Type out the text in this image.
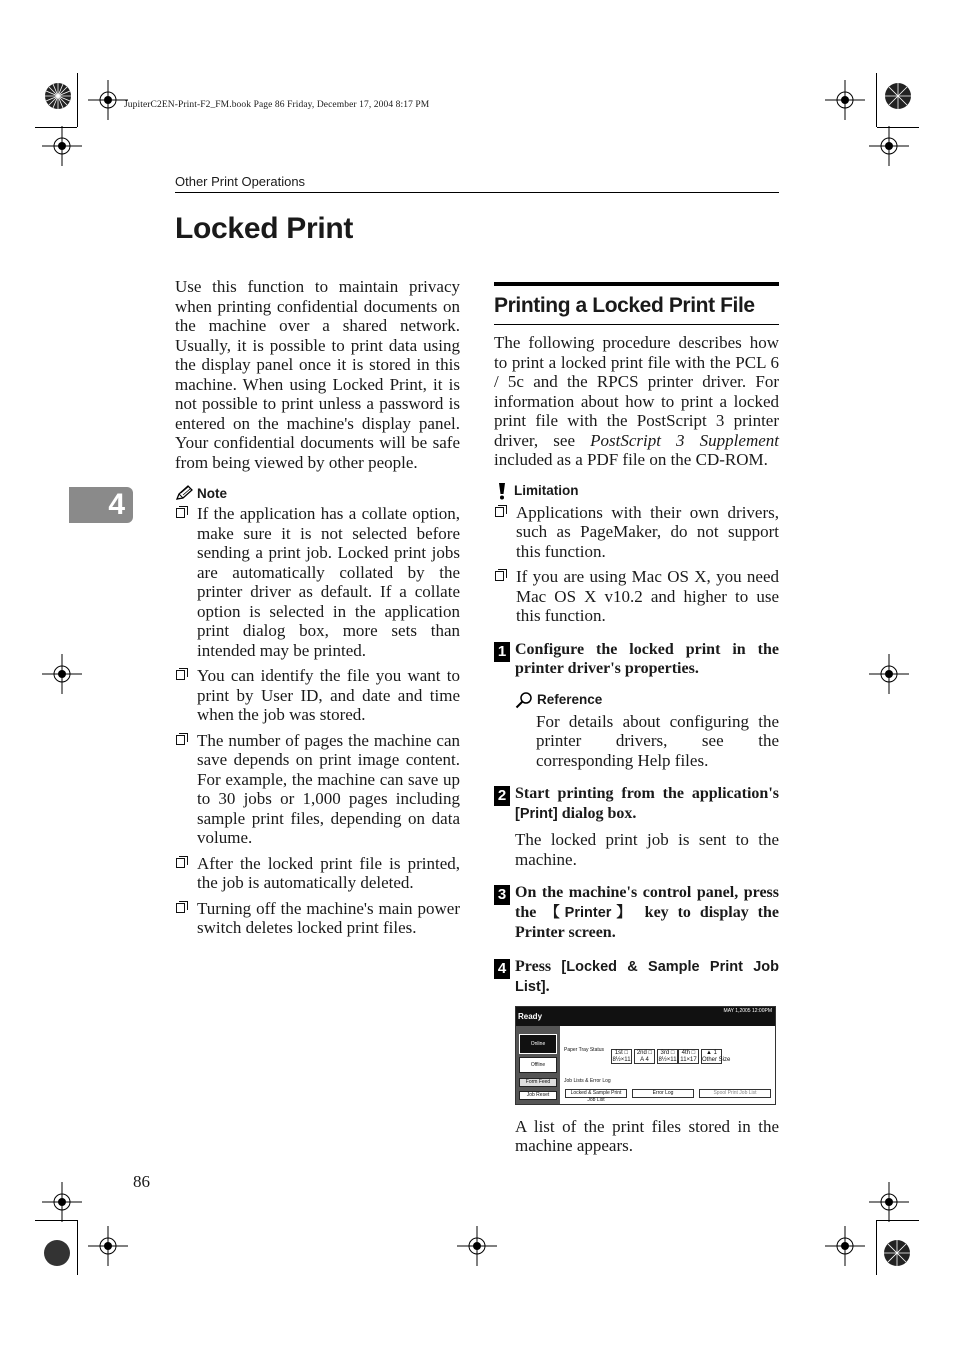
JupiterC2EN-Print-F2_FM.book Page 86 Friday, December 17, 2004 8:17 PM
Other Print Operations
Locked Print
4

Use this function to maintain privacy when printing confidential documents on the machine over a shared network. Usually, it is possible to print data using the display panel once it is stored in this machine. When using Locked Print, it is not possible to print unless a password is entered on the machine's display panel. Your confidential documents will be safe from being viewed by other people.

Note
If the application has a collate option, make sure it is not selected before sending a print job. Locked print jobs are automatically collated by the printer driver as default. If a collate option is selected in the application print dialog box, more sets than intended may be printed.
You can identify the file you want to print by User ID, and date and time when the job was stored.
The number of pages the machine can save depends on print image content. For example, the machine can save up to 30 jobs or 1,000 pages including sample print files, depending on data volume.
After the locked print file is printed, the job is automatically deleted.
Turning off the machine's main power switch deletes locked print files.
Printing a Locked Print File

The following procedure describes how to print a locked print file with the PCL 6 / 5c and the RPCS printer driver. For information about how to print a locked print file with the PostScript 3 printer driver, see PostScript 3 Supplement included as a PDF file on the CD-ROM.

Limitation
Applications with their own drivers, such as PageMaker, do not support this function.
If you are using Mac OS X, you need Mac OS X v10.2 and higher to use this function.
1 Configure the locked print in the printer driver's properties.

Reference

For details about configuring the printer drivers, see the corresponding Help files.

2 Start printing from the application's [Print] dialog box.

The locked print job is sent to the machine.

3 On the machine's control panel, press the 【Printer】 key to display the Printer screen.

4 Press [Locked & Sample Print Job List].

Ready
MAY 1,2005 12:00PM
Online
Offline
Form Feed
Job Reset
Paper Tray Status	1st □
8½×11
2nd □
A 4
3rd □
8½×11
4th □
11×17
▲ 1
Other Size
Job Lists & Error Log
Locked & Sample Print Job List
Error Log	Spool Print Job List

A list of the print files stored in the machine appears.

86
